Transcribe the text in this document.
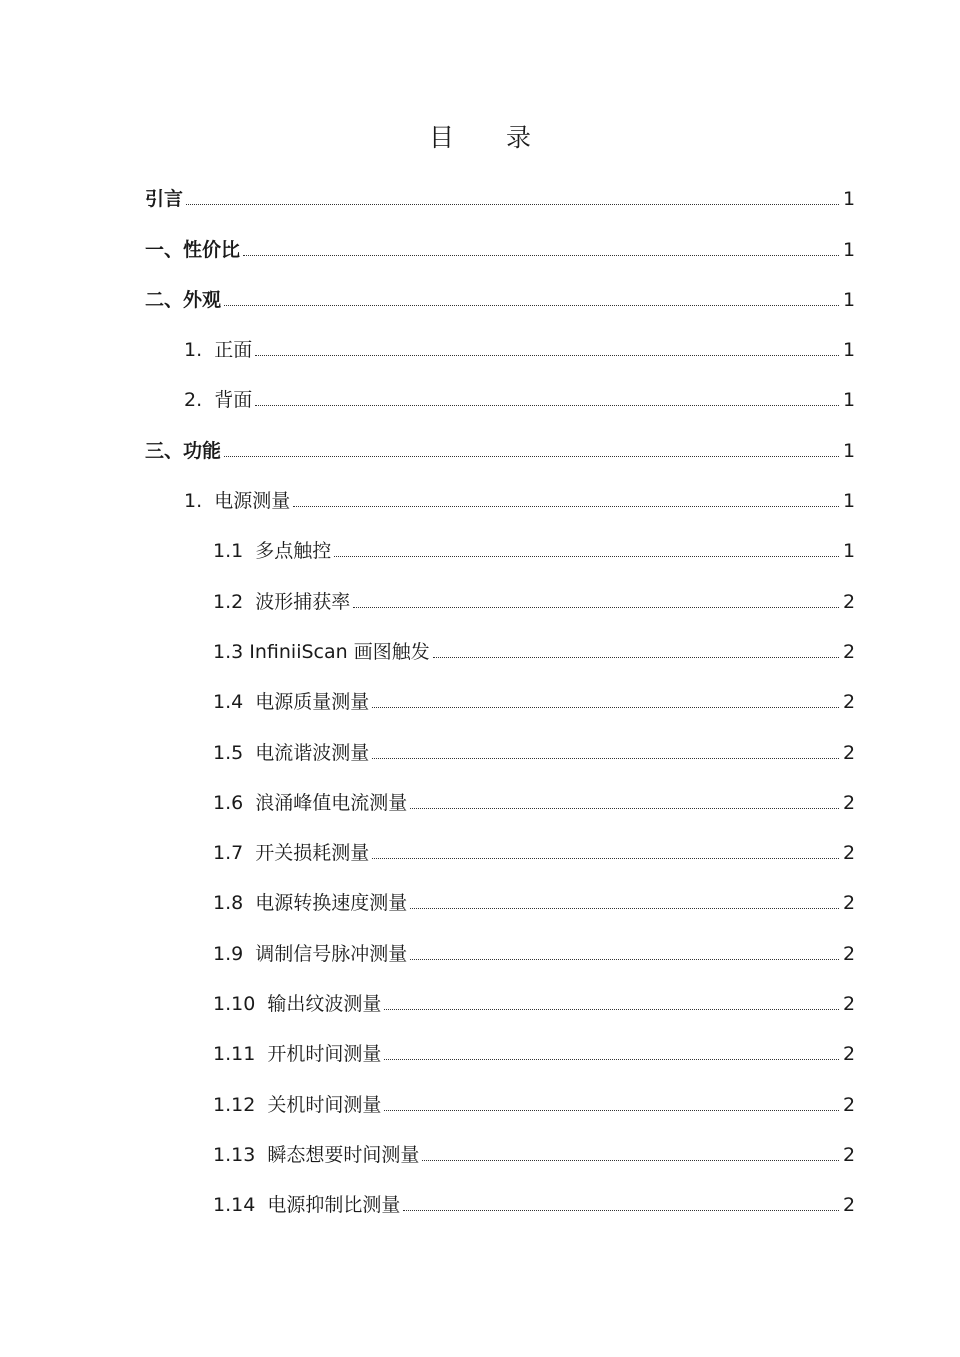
目 录
引言	1
一、性价比	1
二、外观	1
1.  正面	1
2.  背面	1
三、功能	1
1.  电源测量	1
1.1  多点触控	1
1.2  波形捕获率	2
1.3 InfiniiScan 画图触发	2
1.4  电源质量测量	2
1.5  电流谐波测量	2
1.6  浪涌峰值电流测量	2
1.7  开关损耗测量	2
1.8  电源转换速度测量	2
1.9  调制信号脉冲测量	2
1.10  输出纹波测量	2
1.11  开机时间测量	2
1.12  关机时间测量	2
1.13  瞬态想要时间测量	2
1.14  电源抑制比测量	2
